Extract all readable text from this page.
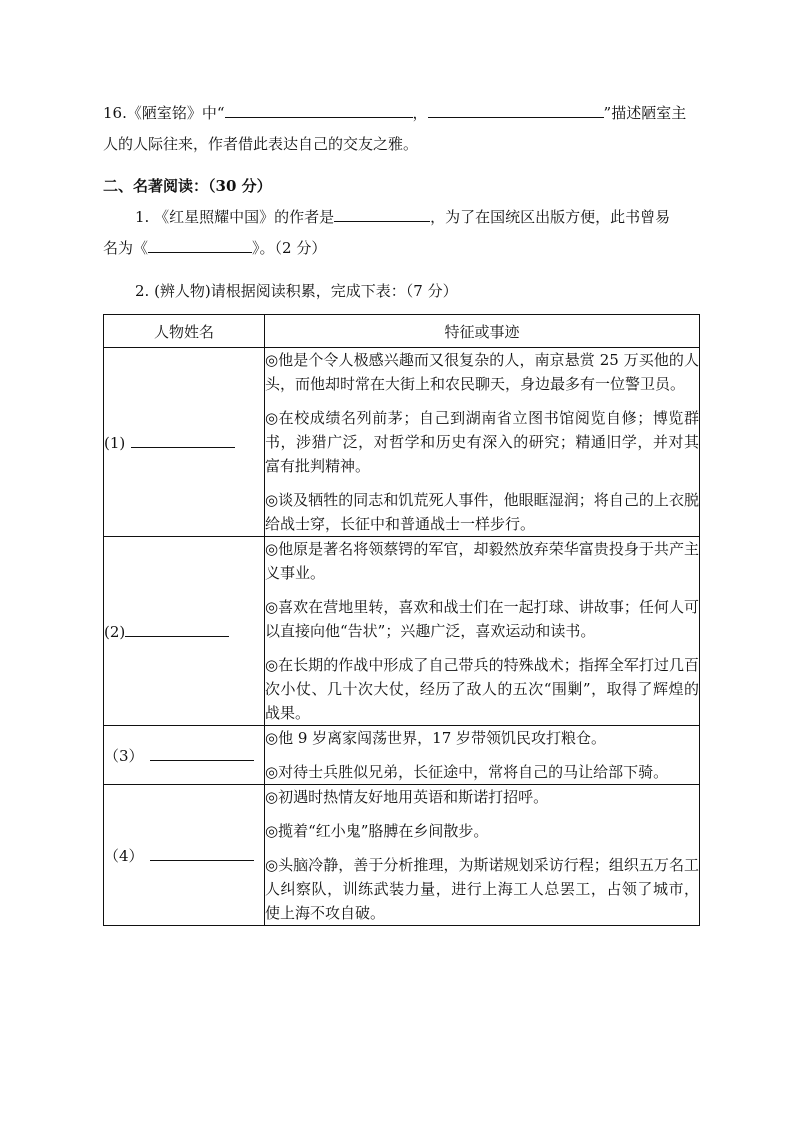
16.《陋室铭》中“	，	”描述陋室主
人的人际往来，作者借此表达自己的交友之雅。
二、名著阅读：（30 分）
1. 《红星照耀中国》的作者是	，为了在国统区出版方便，此书曾易
名为《	》。（2 分）
2. (辨人物)请根据阅读积累，完成下表：（7 分）
人物姓名	特征或事迹
(1)	◎他是个令人极感兴趣而又很复杂的人，南京悬赏 25 万买他的人头，而他却时常在大街上和农民聊天，身边最多有一位警卫员。

◎在校成绩名列前茅；自己到湖南省立图书馆阅览自修；博览群书，涉猎广泛，对哲学和历史有深入的研究；精通旧学，并对其富有批判精神。

◎谈及牺牲的同志和饥荒死人事件，他眼眶湿润；将自己的上衣脱给战士穿，长征中和普通战士一样步行。

(2)	◎他原是著名将领蔡锷的军官，却毅然放弃荣华富贵投身于共产主义事业。

◎喜欢在营地里转，喜欢和战士们在一起打球、讲故事；任何人可以直接向他“告状”；兴趣广泛，喜欢运动和读书。

◎在长期的作战中形成了自己带兵的特殊战术；指挥全军打过几百次小仗、几十次大仗，经历了敌人的五次“围剿”，取得了辉煌的战果。

（3）	◎他 9 岁离家闯荡世界，17 岁带领饥民攻打粮仓。

◎对待士兵胜似兄弟，长征途中，常将自己的马让给部下骑。

（4）	◎初遇时热情友好地用英语和斯诺打招呼。

◎揽着“红小鬼”胳膊在乡间散步。

◎头脑冷静，善于分析推理，为斯诺规划采访行程；组织五万名工人纠察队，训练武装力量，进行上海工人总罢工，占领了城市，使上海不攻自破。
